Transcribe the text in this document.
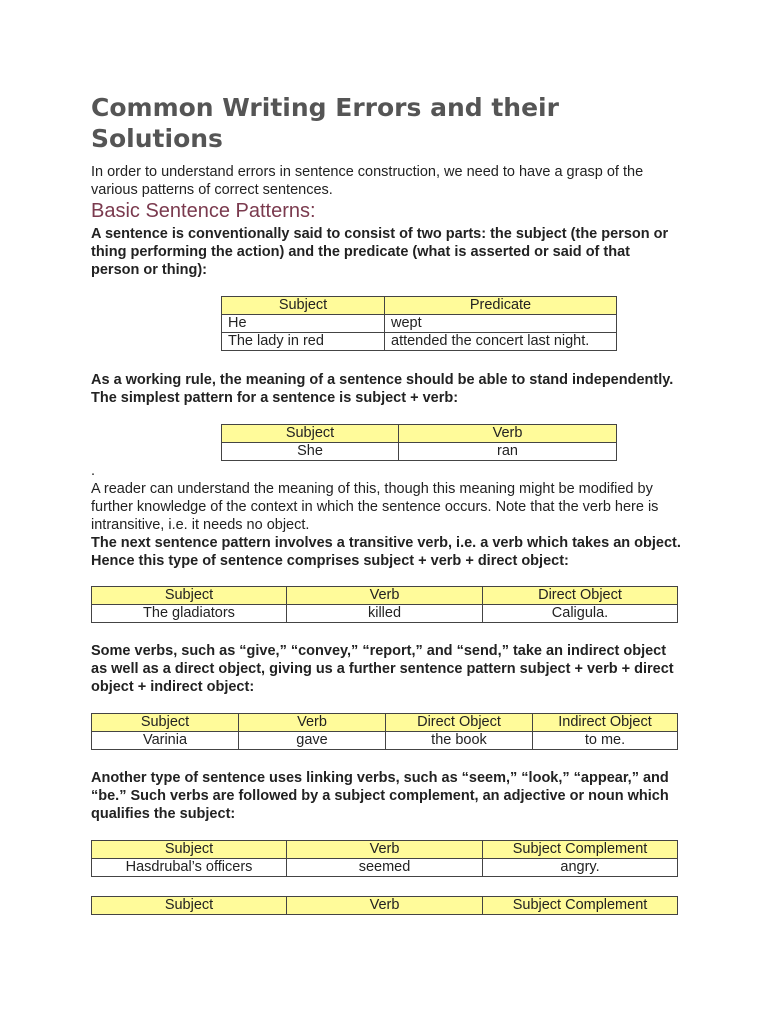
Common Writing Errors and their Solutions

In order to understand errors in sentence construction, we need to have a grasp of the various patterns of correct sentences.

Basic Sentence Patterns:

A sentence is conventionally said to consist of two parts: the subject (the person or thing performing the action) and the predicate (what is asserted or said of that person or thing):

Subject	Predicate
He	wept
The lady in red	attended the concert last night.

As a working rule, the meaning of a sentence should be able to stand independently. The simplest pattern for a sentence is subject + verb:

Subject	Verb
She	ran

.

A reader can understand the meaning of this, though this meaning might be modified by further knowledge of the context in which the sentence occurs. Note that the verb here is intransitive, i.e. it needs no object.

The next sentence pattern involves a transitive verb, i.e. a verb which takes an object. Hence this type of sentence comprises subject + verb + direct object:

Subject	Verb	Direct Object
The gladiators	killed	Caligula.

Some verbs, such as “give,” “convey,” “report,” and “send,” take an indirect object as well as a direct object, giving us a further sentence pattern subject + verb + direct object + indirect object:

Subject	Verb	Direct Object	Indirect Object
Varinia	gave	the book	to me.

Another type of sentence uses linking verbs, such as “seem,” “look,” “appear,” and “be.” Such verbs are followed by a subject complement, an adjective or noun which qualifies the subject:

Subject	Verb	Subject Complement
Hasdrubal’s officers	seemed	angry.
Subject	Verb	Subject Complement
